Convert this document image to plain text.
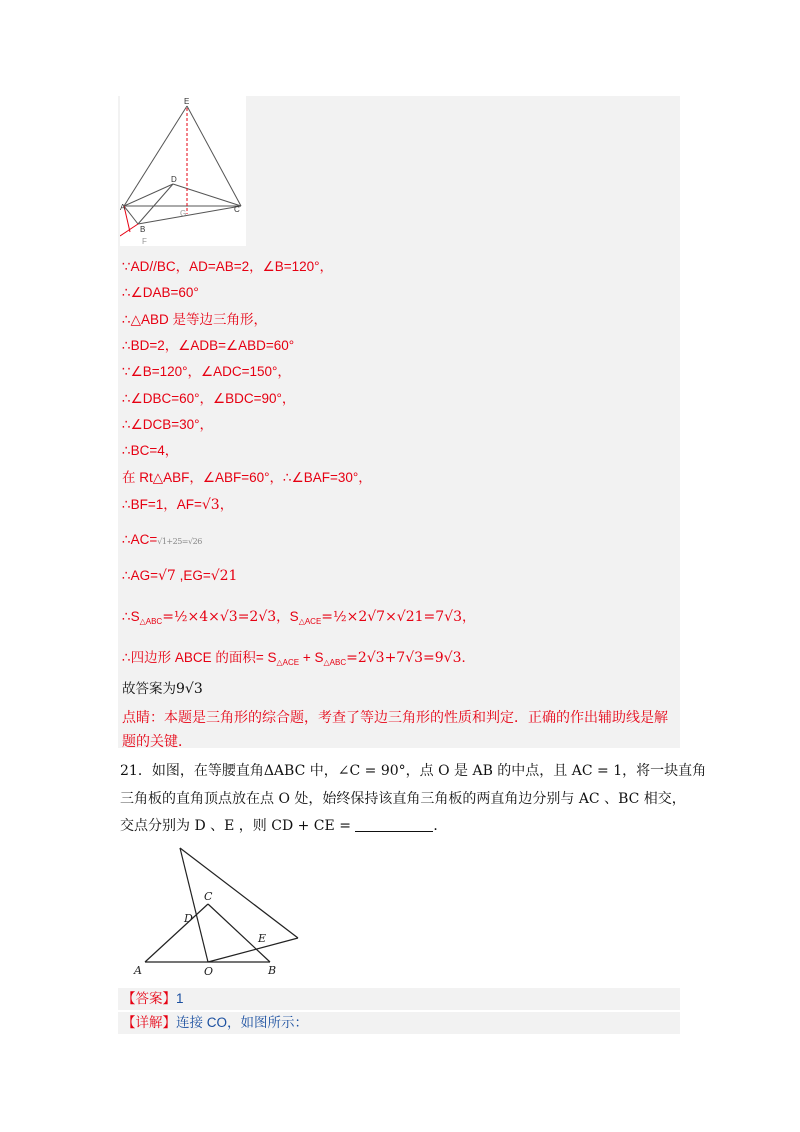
E
D
A
G	C
B
F
∵AD//BC，AD=AB=2，∠B=120°，
∴∠DAB=60°
∴△ABD 是等边三角形，
∴BD=2，∠ADB=∠ABD=60°
∵∠B=120°，∠ADC=150°，
∴∠DBC=60°，∠BDC=90°，
∴∠DCB=30°，
∴BC=4，
在 Rt△ABF，∠ABF=60°，∴∠BAF=30°，
∴BF=1，AF=√3，
∴AC=√1+25=√26
∴AG=√7 ,EG=√21
$\therefore S_{\triangle ABC}=\frac{1}{2}\times 4\times√3=2√3$，$S_{\triangle ACE}=\frac{1}{2}\times 2√7\times√21=7√3$，
∴四边形 ABCE 的面积= $S_{\triangle ACE} + S_{\triangle ABC}=2√3+7√3=9√3$．
故答案为9√3
点睛：本题是三角形的综合题，考查了等边三角形的性质和判定．正确的作出辅助线是解
题的关键．
21．如图，在等腰直角ΔABC 中，∠C = 90°，点 O 是 AB 的中点，且 AC = 1，将一块直角
三角板的直角顶点放在点 O 处，始终保持该直角三角板的两直角边分别与 AC 、BC 相交，
交点分别为 D 、E ，则 CD + CE =	．
C
D
E
A	O	B
【答案】1
【详解】连接 CO，如图所示：
